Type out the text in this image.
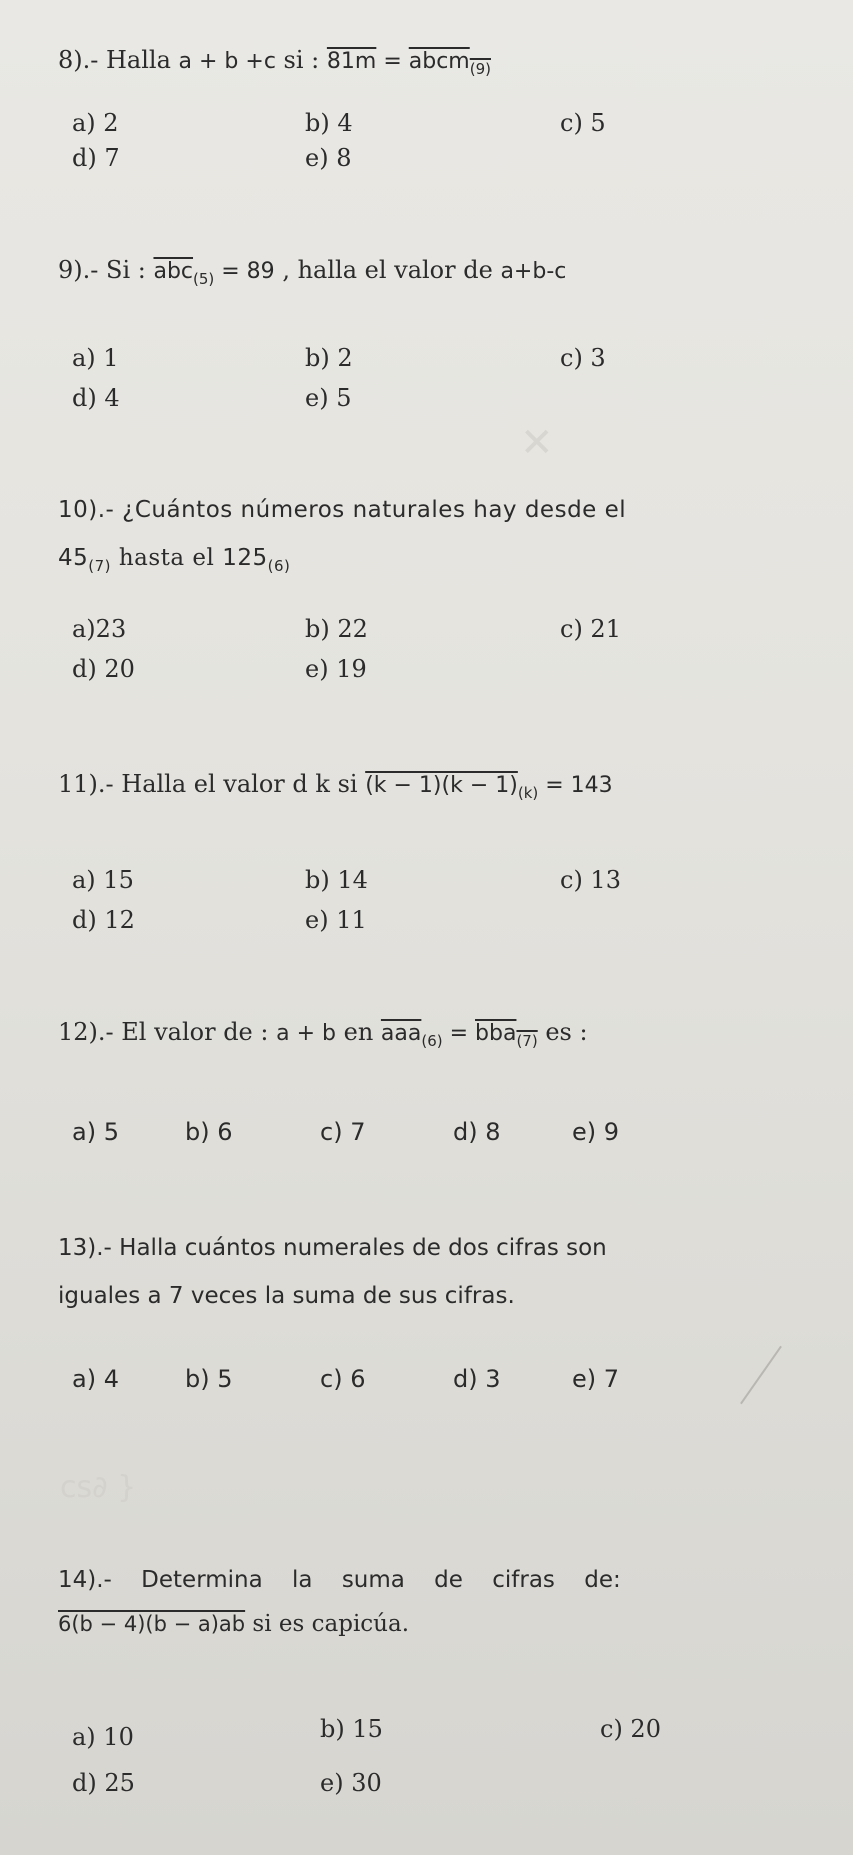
✕
cs∂ }
8).- Halla a + b +c si : 81m = abcm$_{(9)}$
a) 2	b) 4	c) 5
d) 7	e) 8
9).- Si : $\overline{abc}_{(5)} = 89$ , halla el valor de a+b-c
a) 1	b) 2	c) 3
d) 4	e) 5
10).- ¿Cuántos números naturales hay desde el
$45_{(7)}$ hasta el $125_{(6)}$
a)23	b) 22	c) 21
d) 20	e) 19
11).- Halla el valor d k si $(k - 1)(k - 1)_{(k)} = 143$
a) 15	b) 14	c) 13
d) 12	e) 11
12).- El valor de : a + b en $\overline{aaa}_{(6)} = bba_{(7)}$ es :
a) 5	b) 6	c) 7	d) 8	e) 9
13).- Halla cuántos numerales de dos cifras son
iguales a 7 veces la suma de sus cifras.
a) 4	b) 5	c) 6	d) 3	e) 7
14).- Determina la suma de cifras de:
6(b − 4)(b − a)ab si es capicúa.
a) 10	b) 15	c) 20
d) 25	e) 30
